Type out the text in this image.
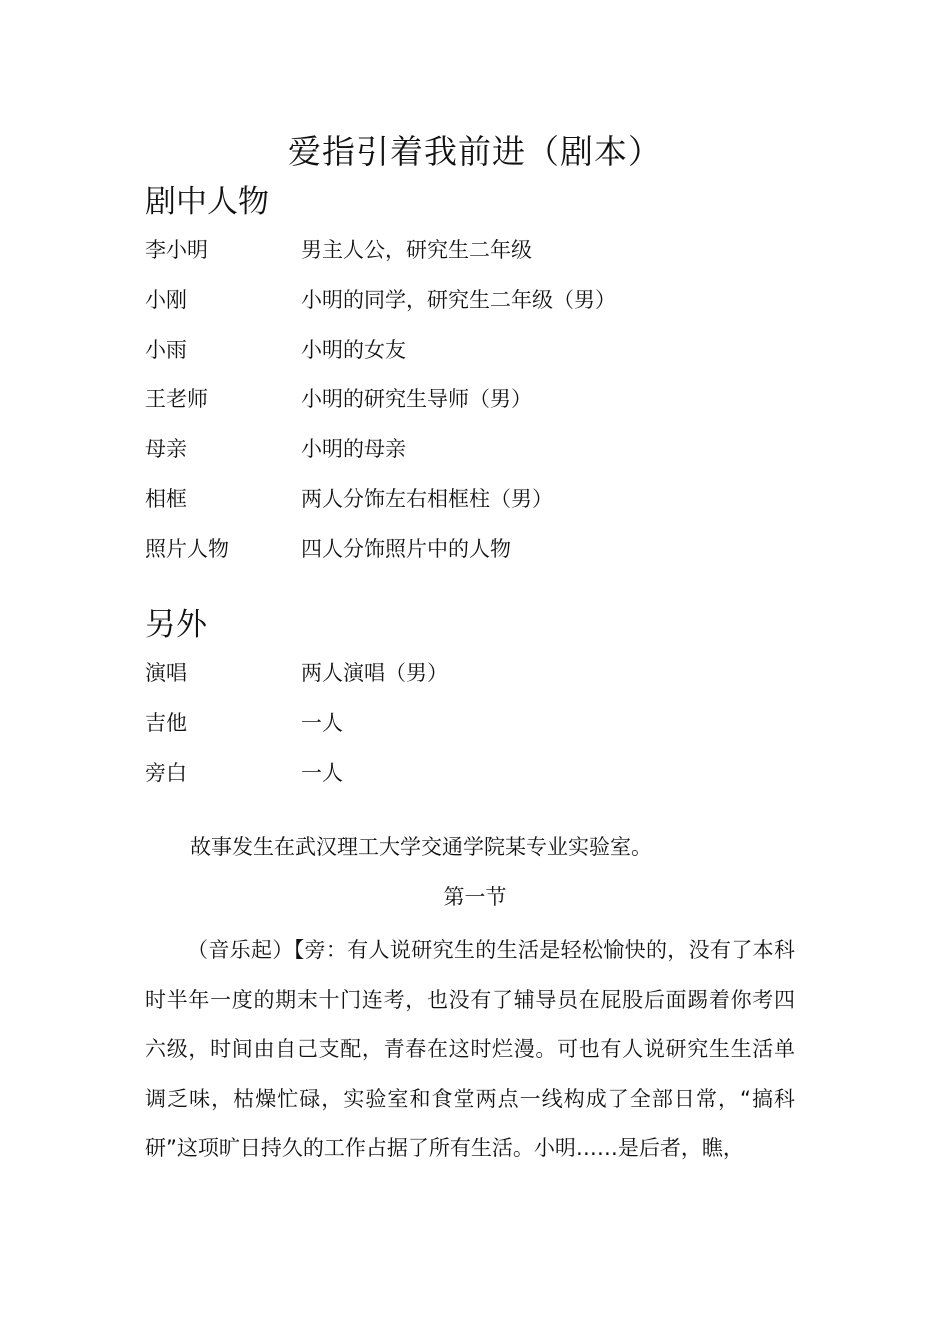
爱指引着我前进（剧本）
剧中人物
李小明	男主人公，研究生二年级
小刚	小明的同学，研究生二年级（男）
小雨	小明的女友
王老师	小明的研究生导师（男）
母亲	小明的母亲
相框	两人分饰左右相框柱（男）
照片人物	四人分饰照片中的人物
另外
演唱	两人演唱（男）
吉他	一人
旁白	一人
故事发生在武汉理工大学交通学院某专业实验室。
第一节

（音乐起）【旁：有人说研究生的生活是轻松愉快的，没有了本科时半年一度的期末十门连考，也没有了辅导员在屁股后面踢着你考四六级，时间由自己支配，青春在这时烂漫。可也有人说研究生生活单调乏味，枯燥忙碌，实验室和食堂两点一线构成了全部日常，“搞科研”这项旷日持久的工作占据了所有生活。小明……是后者，瞧，
